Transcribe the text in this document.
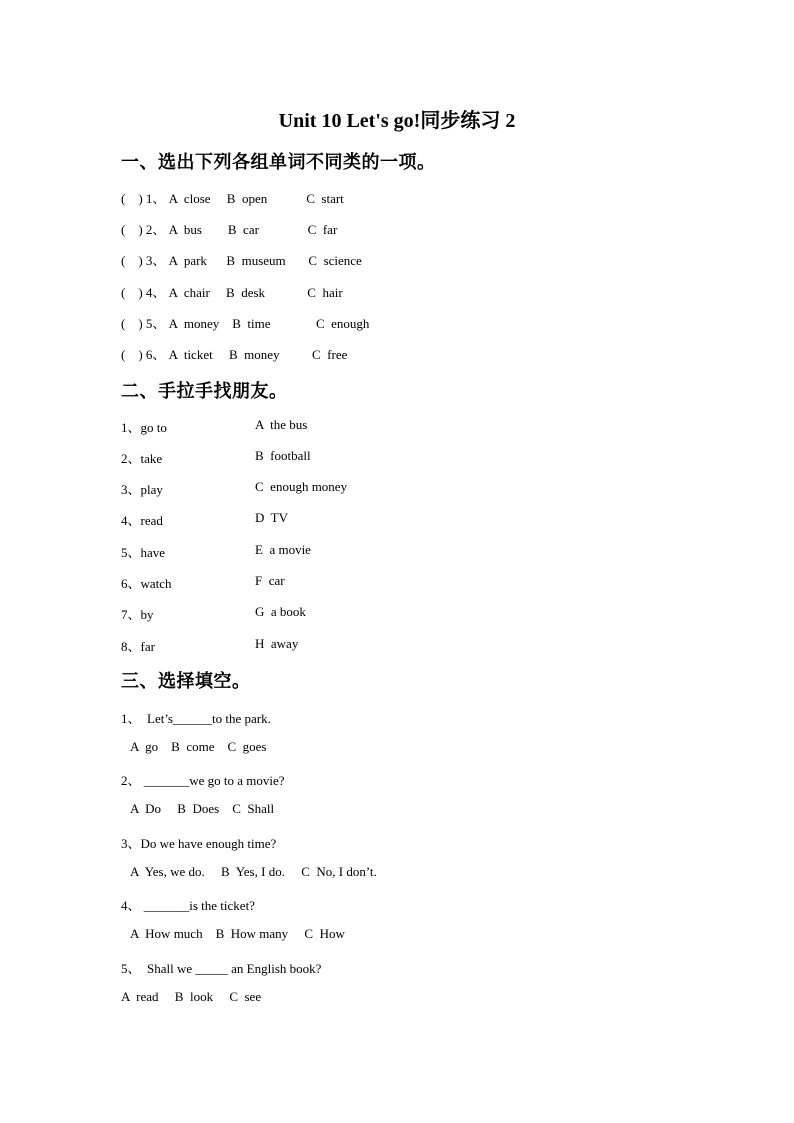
Unit 10 Let's go!同步练习 2
一、选出下列各组单词不同类的一项。
(    ) 1、 A  close     B  open            C  start
(    ) 2、 A  bus        B  car               C  far
(    ) 3、 A  park      B  museum       C  science
(    ) 4、 A  chair     B  desk             C  hair
(    ) 5、 A  money    B  time              C  enough
(    ) 6、 A  ticket     B  money          C  free
二、手拉手找朋友。
1、go to	A  the bus
2、take	B  football
3、play	C  enough money
4、read	D  TV
5、have	E  a movie
6、watch	F  car
7、by	G  a book
8、far	H  away
三、选择填空。
1、  Let’s______to the park.
A  go    B  come    C  goes
2、 _______we go to a movie?
A  Do     B  Does    C  Shall
3、Do we have enough time?
A  Yes, we do.     B  Yes, I do.     C  No, I don’t.
4、 _______is the ticket?
A  How much    B  How many     C  How
5、  Shall we _____ an English book?
A  read     B  look     C  see
